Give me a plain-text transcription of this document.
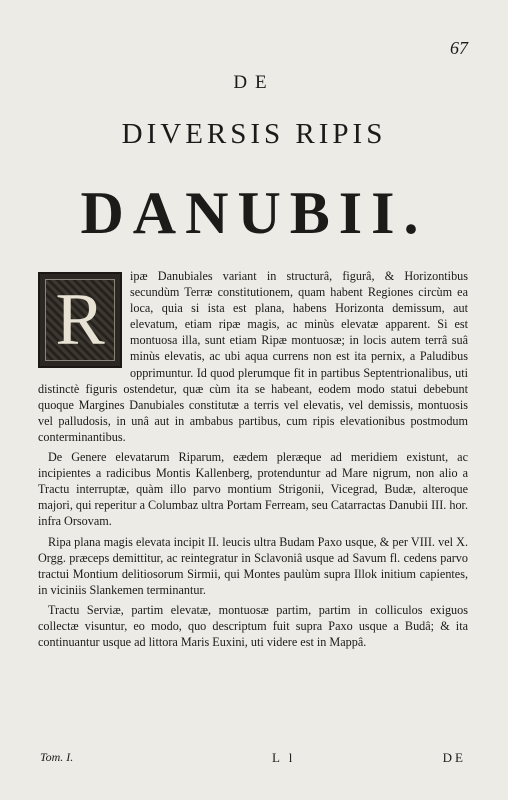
67
DE
DIVERSIS RIPIS
DANUBII.

R
ipæ Danubiales variant in structurâ, figurâ, & Horizontibus secundùm Terræ constitutionem, quam habent Regiones circùm ea loca, quia si ista est plana, habens Horizonta demissum, aut elevatum, etiam ripæ magis, ac minùs elevatæ apparent. Si est montuosa illa, sunt etiam Ripæ montuosæ; in locis autem terrâ suâ minùs elevatis, ac ubi aqua currens non est ita pernix, a Paludibus opprimuntur. Id quod plerumque fit in partibus Septentrionalibus, uti distinctè figuris ostendetur, quæ cùm ita se habeant, eodem modo statui debebunt quoque Margines Danubiales constitutæ a terris vel elevatis, vel demissis, montuosis vel palludosis, in unâ aut in ambabus partibus, cum ripis elevationibus postmodum conterminantibus.

De Genere elevatarum Riparum, eædem pleræque ad meridiem existunt, ac incipientes a radicibus Montis Kallenberg, protenduntur ad Mare nigrum, non alio a Tractu interruptæ, quàm illo parvo montium Strigonii, Vicegrad, Budæ, alteroque majori, qui reperitur a Columbaz ultra Portam Ferream, seu Catarractas Danubii III. hor. infra Orsovam.

Ripa plana magis elevata incipit II. leucis ultra Budam Paxo usque, & per VIII. vel X. Orgg. præceps demittitur, ac reintegratur in Sclavoniâ usque ad Savum fl. cedens parvo tractui Montium delitiosorum Sirmii, qui Montes paulùm supra Illok initium capientes, in viciniis Slankemen terminantur.

Tractu Serviæ, partim elevatæ, montuosæ partim, partim in colliculos exiguos collectæ visuntur, eo modo, quo descriptum fuit supra Paxo usque a Budâ; & ita continuantur usque ad littora Maris Euxini, uti videre est in Mappâ.

Tom. I.	L l	DE
